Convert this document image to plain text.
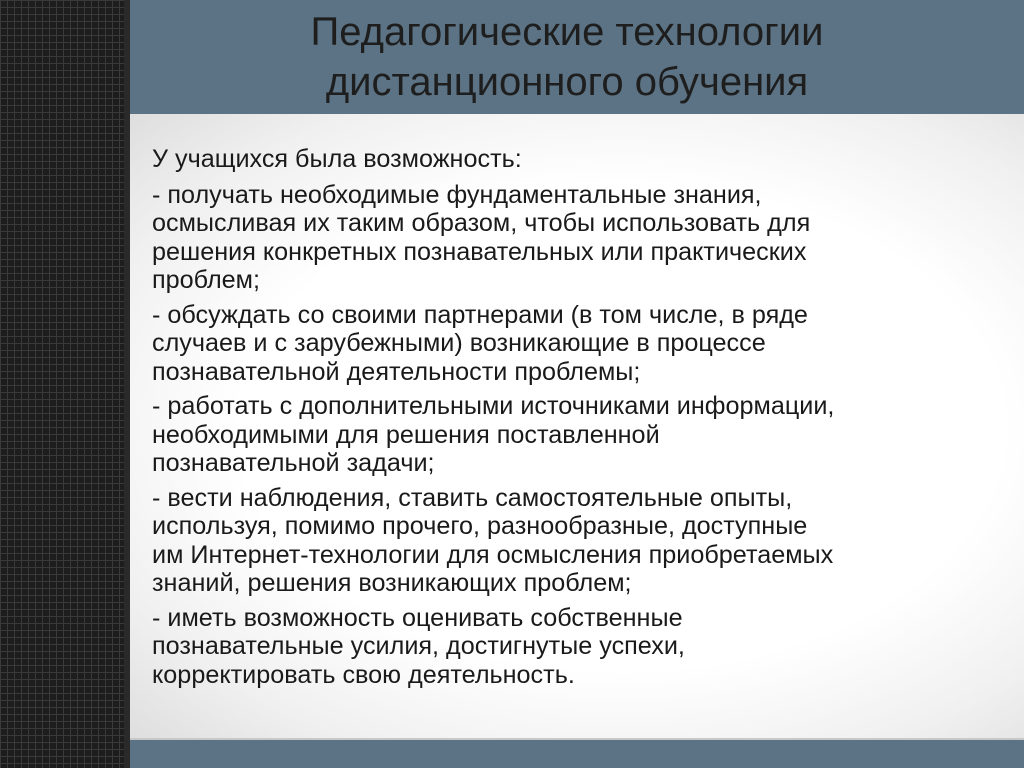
Педагогические технологии
дистанционного обучения
У учащихся была возможность:
- получать необходимые фундаментальные знания,
осмысливая их таким образом, чтобы использовать для
решения конкретных познавательных или практических
проблем;
- обсуждать со своими партнерами (в том числе, в ряде
случаев и с зарубежными) возникающие в процессе
познавательной деятельности проблемы;
- работать с дополнительными источниками информации,
необходимыми для решения поставленной
познавательной задачи;
- вести наблюдения, ставить самостоятельные опыты,
используя, помимо прочего, разнообразные, доступные
им Интернет-технологии для осмысления приобретаемых
знаний, решения возникающих проблем;
- иметь возможность оценивать собственные
познавательные усилия, достигнутые успехи,
корректировать свою деятельность.
